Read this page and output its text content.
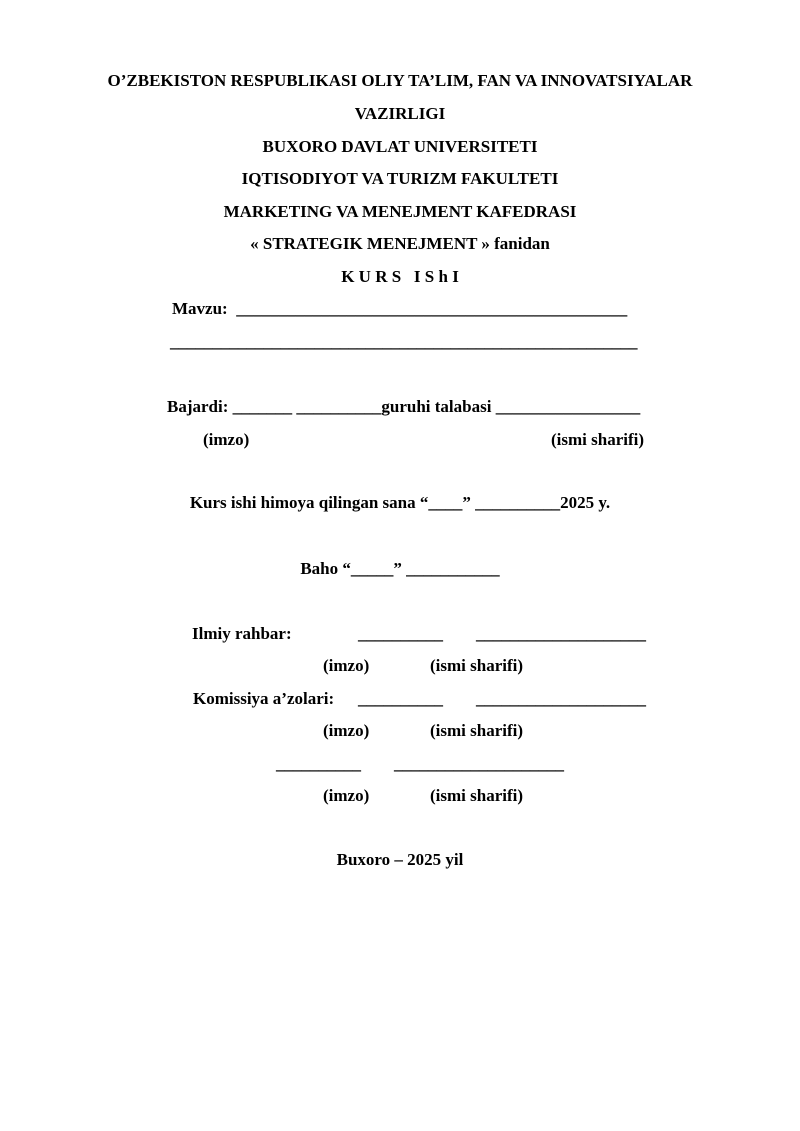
O’ZBEKISTON RESPUBLIKASI OLIY TA’LIM, FAN VA INNOVATSIYALAR
VAZIRLIGI
BUXORO DAVLAT UNIVERSITETI
IQTISODIYOT VA TURIZM FAKULTETI
MARKETING VA MENEJMENT KAFEDRASI
« STRATEGIK MENEJMENT » fanidan
K U R S   I S h I
Mavzu:  ______________________________________________
_______________________________________________________
Bajardi: _______ __________guruhi talabasi _________________
(imzo)	(ismi sharifi)
Kurs ishi himoya qilingan sana “____” __________2025 y.
Baho “_____” ___________
Ilmiy rahbar:	__________ ____________________
(imzo)	(ismi sharifi)
Komissiya a’zolari: __________ ____________________
(imzo)	(ismi sharifi)
__________ ____________________
(imzo)	(ismi sharifi)
Buxoro – 2025 yil
